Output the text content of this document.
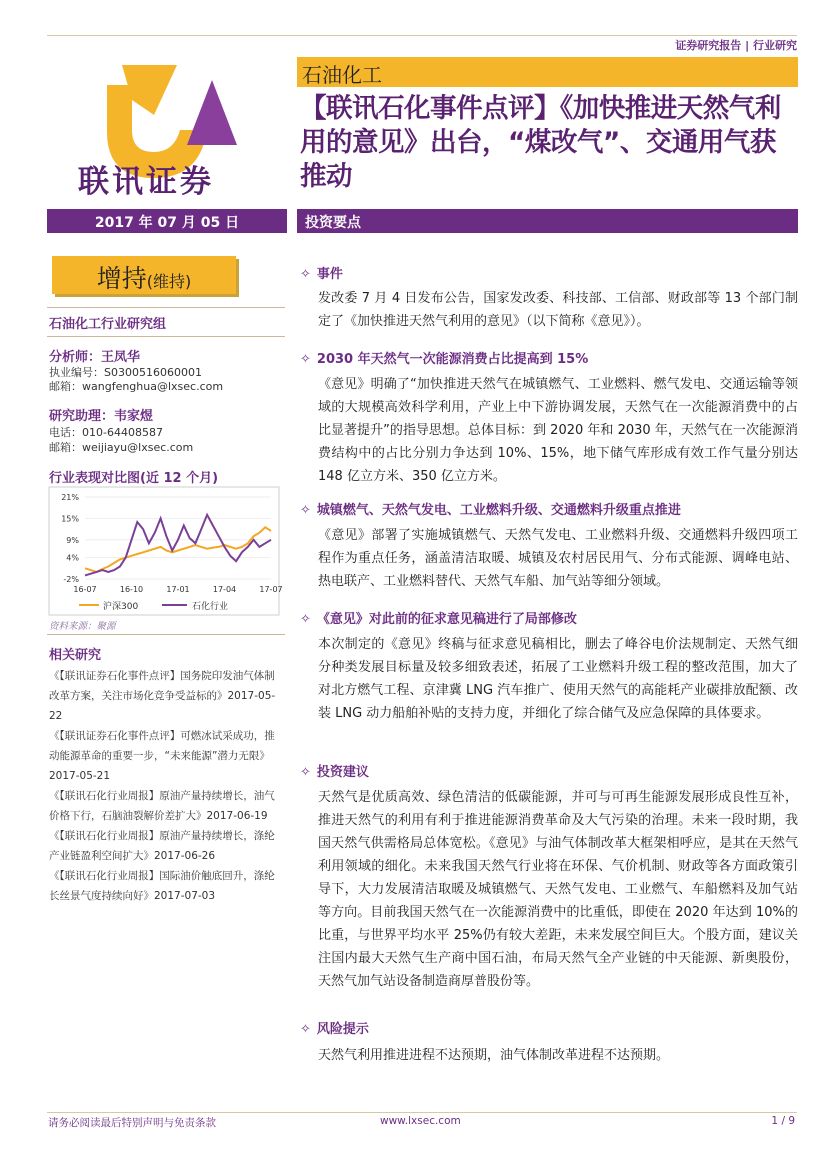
证券研究报告 | 行业研究
联讯证券
石油化工
【联讯石化事件点评】《加快推进天然气利用的意见》出台，“煤改气”、交通用气获推动
2017 年 07 月 05 日	投资要点
增持(维持)
石油化工行业研究组
分析师：王凤华
执业编号：S0300516060001
邮箱：wangfenghua@lxsec.com
研究助理：韦家煜
电话：010-64408587
邮箱：weijiayu@lxsec.com
行业表现对比图(近 12 个月)
21%
15%
9%
4%
-2%
16-07	16-10	17-01	17-04	17-07
沪深300	石化行业
资料来源：聚源
相关研究
《【联讯证券石化事件点评】国务院印发油气体制改革方案，关注市场化竞争受益标的》2017-05-22
《【联讯证券石化事件点评】可燃冰试采成功，推动能源革命的重要一步，“未来能源”潜力无限》2017-05-21
《【联讯石化行业周报】原油产量持续增长，油气价格下行，石脑油裂解价差扩大》2017-06-19
《【联讯石化行业周报】原油产量持续增长，涤纶产业链盈利空间扩大》2017-06-26
《【联讯石化行业周报】国际油价触底回升，涤纶长丝景气度持续向好》2017-07-03
✧ 事件
发改委 7 月 4 日发布公告，国家发改委、科技部、工信部、财政部等 13 个部门制定了《加快推进天然气利用的意见》（以下简称《意见》）。
✧ 2030 年天然气一次能源消费占比提高到 15%
《意见》明确了“加快推进天然气在城镇燃气、工业燃料、燃气发电、交通运输等领域的大规模高效科学利用，产业上中下游协调发展，天然气在一次能源消费中的占比显著提升”的指导思想。总体目标：到 2020 年和 2030 年，天然气在一次能源消费结构中的占比分别力争达到 10%、15%，地下储气库形成有效工作气量分别达 148 亿立方米、350 亿立方米。
✧ 城镇燃气、天然气发电、工业燃料升级、交通燃料升级重点推进
《意见》部署了实施城镇燃气、天然气发电、工业燃料升级、交通燃料升级四项工程作为重点任务，涵盖清洁取暖、城镇及农村居民用气、分布式能源、调峰电站、热电联产、工业燃料替代、天然气车船、加气站等细分领域。
✧ 《意见》对此前的征求意见稿进行了局部修改
本次制定的《意见》终稿与征求意见稿相比，删去了峰谷电价法规制定、天然气细分种类发展目标量及较多细致表述，拓展了工业燃料升级工程的整改范围，加大了对北方燃气工程、京津冀 LNG 汽车推广、使用天然气的高能耗产业碳排放配额、改装 LNG 动力船舶补贴的支持力度，并细化了综合储气及应急保障的具体要求。
✧ 投资建议
天然气是优质高效、绿色清洁的低碳能源，并可与可再生能源发展形成良性互补，推进天然气的利用有利于推进能源消费革命及大气污染的治理。未来一段时期，我国天然气供需格局总体宽松。《意见》与油气体制改革大框架相呼应，是其在天然气利用领域的细化。未来我国天然气行业将在环保、气价机制、财政等各方面政策引导下，大力发展清洁取暖及城镇燃气、天然气发电、工业燃气、车船燃料及加气站等方向。目前我国天然气在一次能源消费中的比重低，即使在 2020 年达到 10%的比重，与世界平均水平 25%仍有较大差距，未来发展空间巨大。个股方面，建议关注国内最大天然气生产商中国石油，布局天然气全产业链的中天能源、新奥股份，天然气加气站设备制造商厚普股份等。
✧ 风险提示
天然气利用推进进程不达预期，油气体制改革进程不达预期。
请务必阅读最后特别声明与免责条款	www.lxsec.com	1 / 9
